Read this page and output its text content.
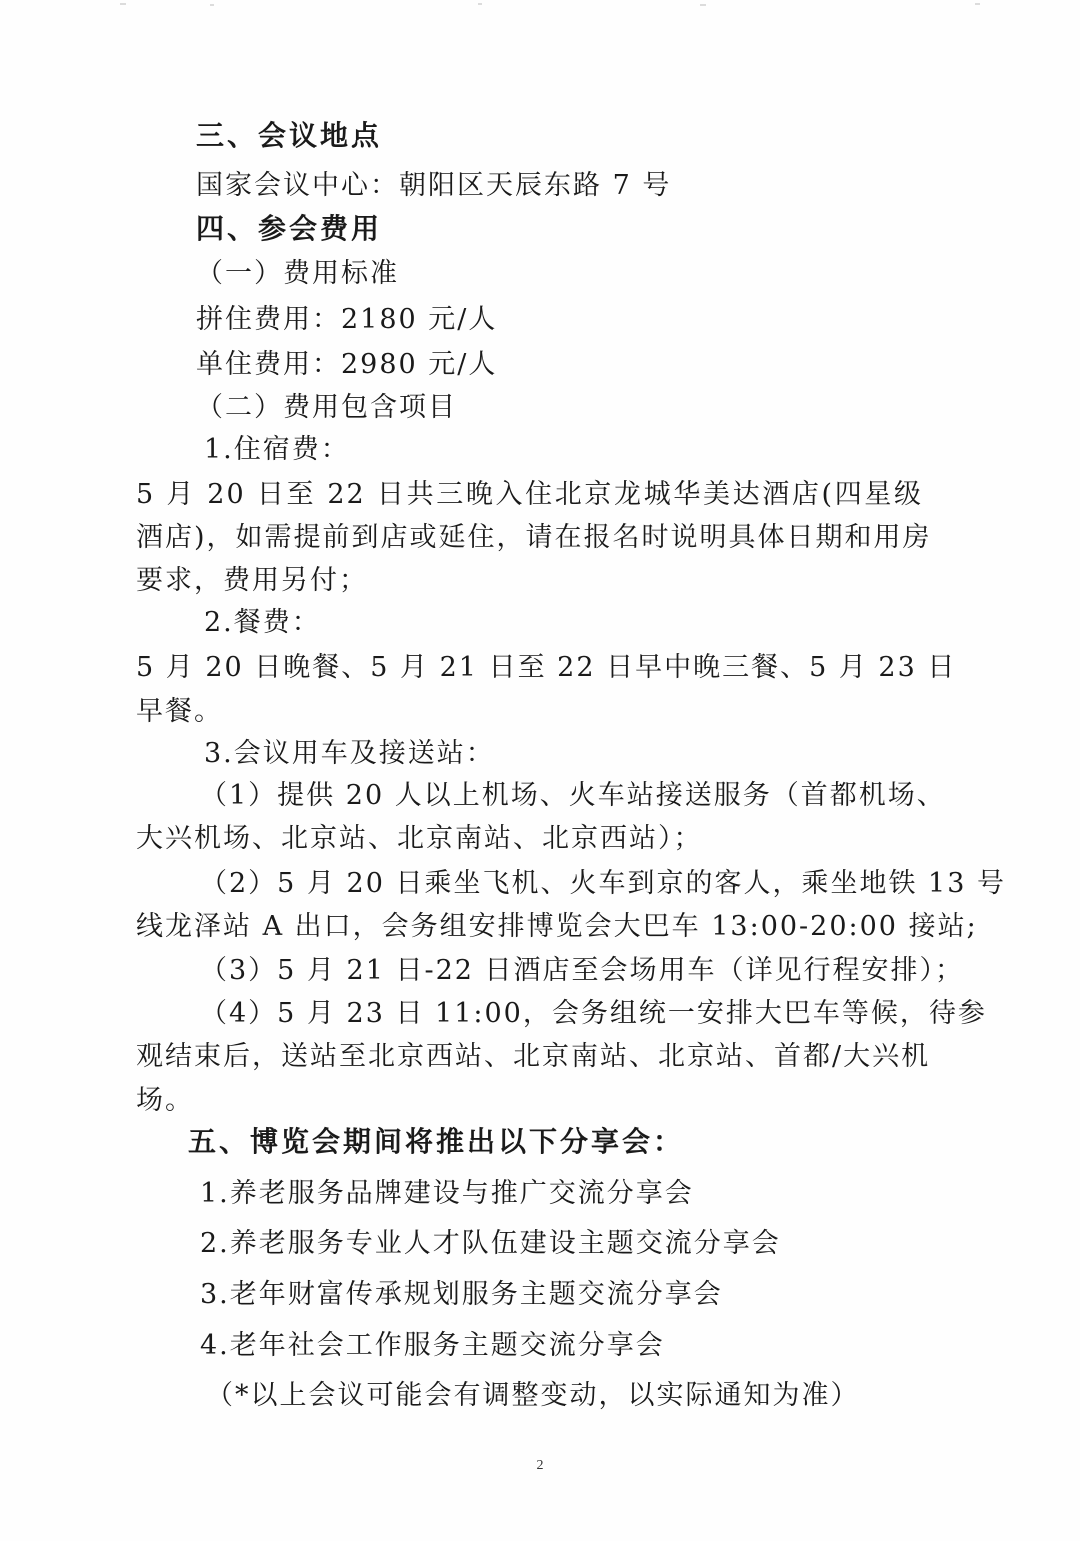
三、会议地点
国家会议中心：朝阳区天辰东路 7 号
四、参会费用
（一）费用标准
拼住费用：2180 元/人
单住费用：2980 元/人
（二）费用包含项目
1.住宿费：
5 月 20 日至 22 日共三晚入住北京龙城华美达酒店(四星级
酒店)，如需提前到店或延住，请在报名时说明具体日期和用房
要求，费用另付；
2.餐费：
5 月 20 日晚餐、5 月 21 日至 22 日早中晚三餐、5 月 23 日
早餐。
3.会议用车及接送站：
（1）提供 20 人以上机场、火车站接送服务（首都机场、
大兴机场、北京站、北京南站、北京西站）；
（2）5 月 20 日乘坐飞机、火车到京的客人，乘坐地铁 13 号
线龙泽站 A 出口，会务组安排博览会大巴车 13:00-20:00 接站;
（3）5 月 21 日-22 日酒店至会场用车（详见行程安排）；
（4）5 月 23 日 11:00，会务组统一安排大巴车等候，待参
观结束后，送站至北京西站、北京南站、北京站、首都/大兴机
场。
五、博览会期间将推出以下分享会：
1.养老服务品牌建设与推广交流分享会
2.养老服务专业人才队伍建设主题交流分享会
3.老年财富传承规划服务主题交流分享会
4.老年社会工作服务主题交流分享会
（*以上会议可能会有调整变动，以实际通知为准）
2
